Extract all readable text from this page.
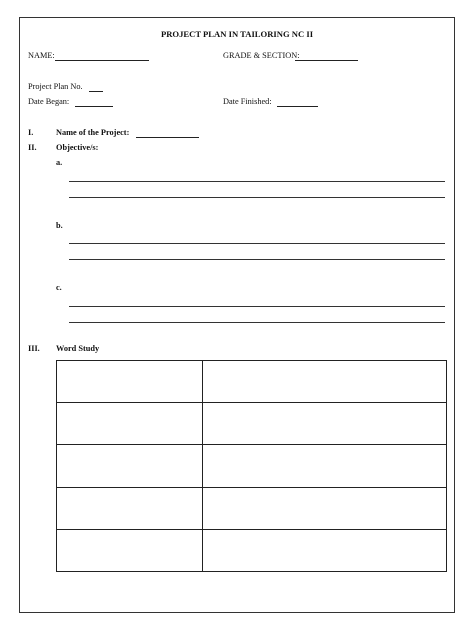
PROJECT PLAN IN TAILORING NC II
NAME:	GRADE & SECTION:
Project Plan No.
Date Began:	Date Finished:
I.	Name of the Project:
II. Objective/s:
a.
b.
c.
III. Word Study
